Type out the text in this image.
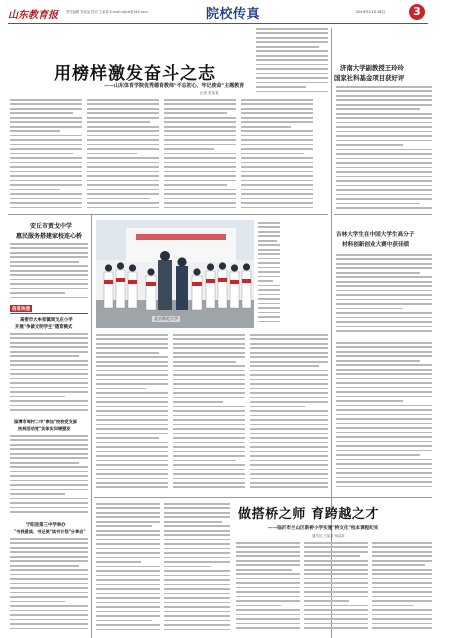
山东教育报 责任编辑 李某某 校对 王某某 E-mail:sdjyb@163.com	院校传真	2019年11月18日	3
用榜样激发奋斗之志
——山东体育学院优秀德育教师"不忘初心、牢记使命"主题教育
记者 张某某
济南大学副教授王玲玲
国家社科基金项目获好评
吉林大学生在中国大学生高分子
材料创新创业大赛中获佳绩
安丘市贾戈中学
惠民服务搭建家校连心桥
信息快递
高密市大牟家镇周戈庄小学
开展"争做文明学生"德育模式
淄博市周村二中"参加"校校党支部
扶持活动党"实体实训增强发
宁阳县第三中学举办
"书我爱读、书记使"读书计划"分享会"
北京师范大学
做搭桥之师 育跨越之才
——临沂市兰山区新桥小学实施"桥文化"校本课程纪实
通讯员 王某某 杨某某
